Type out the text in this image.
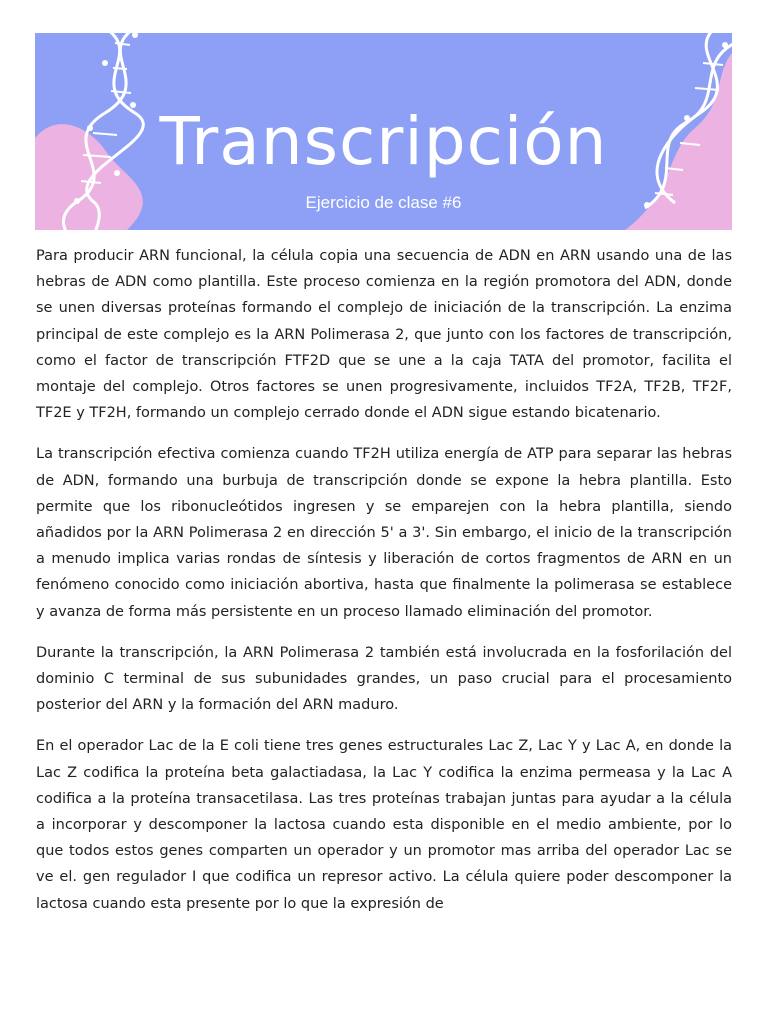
Transcripción

Ejercicio de clase #6

Para producir ARN funcional, la célula copia una secuencia de ADN en ARN usando una de las hebras de ADN como plantilla. Este proceso comienza en la región promotora del ADN, donde se unen diversas proteínas formando el complejo de iniciación de la transcripción. La enzima principal de este complejo es la ARN Polimerasa 2, que junto con los factores de transcripción, como el factor de transcripción FTF2D que se une a la caja TATA del promotor, facilita el montaje del complejo. Otros factores se unen progresivamente, incluidos TF2A, TF2B, TF2F, TF2E y TF2H, formando un complejo cerrado donde el ADN sigue estando bicatenario.

La transcripción efectiva comienza cuando TF2H utiliza energía de ATP para separar las hebras de ADN, formando una burbuja de transcripción donde se expone la hebra plantilla. Esto permite que los ribonucleótidos ingresen y se emparejen con la hebra plantilla, siendo añadidos por la ARN Polimerasa 2 en dirección 5' a 3'. Sin embargo, el inicio de la transcripción a menudo implica varias rondas de síntesis y liberación de cortos fragmentos de ARN en un fenómeno conocido como iniciación abortiva, hasta que finalmente la polimerasa se establece y avanza de forma más persistente en un proceso llamado eliminación del promotor.

Durante la transcripción, la ARN Polimerasa 2 también está involucrada en la fosforilación del dominio C terminal de sus subunidades grandes, un paso crucial para el procesamiento posterior del ARN y la formación del ARN maduro.

En el operador Lac de la E coli tiene tres genes estructurales Lac Z, Lac Y y Lac A, en donde la Lac Z codifica la proteína beta galactiadasa, la Lac Y codifica la enzima permeasa y la Lac A codifica a la proteína transacetilasa. Las tres proteínas trabajan juntas para ayudar a la célula a incorporar y descomponer la lactosa cuando esta disponible en el medio ambiente, por lo que todos estos genes comparten un operador y un promotor mas arriba del operador Lac se ve el. gen regulador I que codifica un represor activo. La célula quiere poder descomponer la lactosa cuando esta presente por lo que la expresión de
